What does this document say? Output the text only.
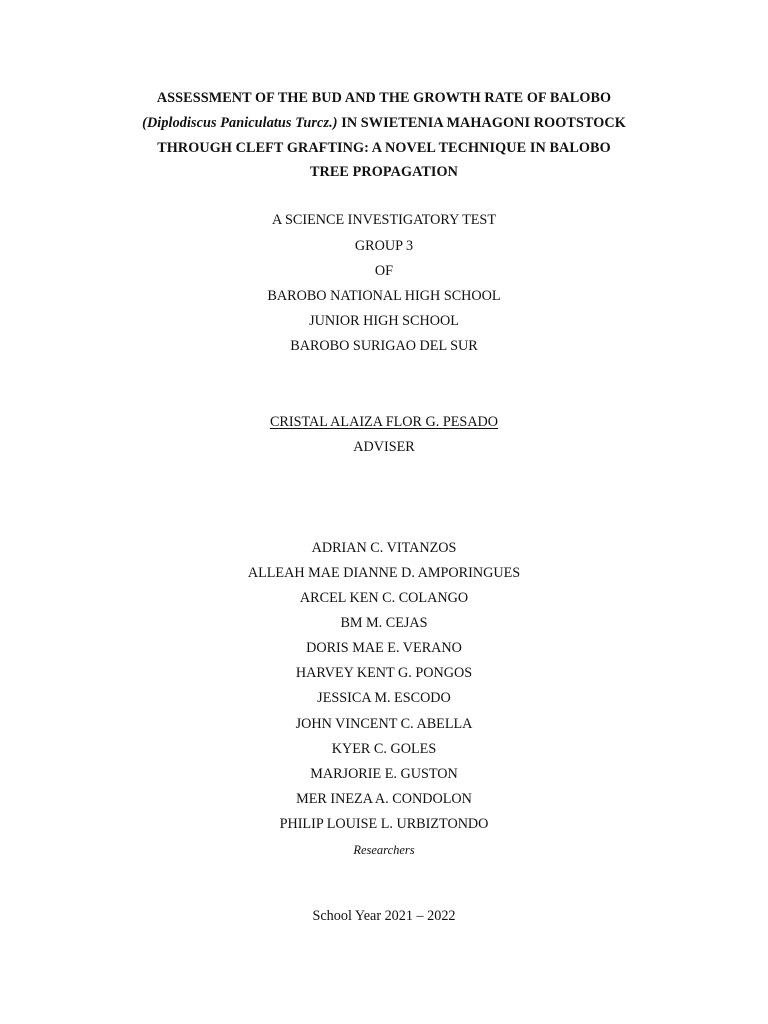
ASSESSMENT OF THE BUD AND THE GROWTH RATE OF BALOBO
(Diplodiscus Paniculatus Turcz.) IN SWIETENIA MAHAGONI ROOTSTOCK
THROUGH CLEFT GRAFTING: A NOVEL TECHNIQUE IN BALOBO
TREE PROPAGATION
A SCIENCE INVESTIGATORY TEST
GROUP 3
OF
BAROBO NATIONAL HIGH SCHOOL
JUNIOR HIGH SCHOOL
BAROBO SURIGAO DEL SUR
CRISTAL ALAIZA FLOR G. PESADO
ADVISER
ADRIAN C. VITANZOS
ALLEAH MAE DIANNE D. AMPORINGUES
ARCEL KEN C. COLANGO
BM M. CEJAS
DORIS MAE E. VERANO
HARVEY KENT G. PONGOS
JESSICA M. ESCODO
JOHN VINCENT C. ABELLA
KYER C. GOLES
MARJORIE E. GUSTON
MER INEZA A. CONDOLON
PHILIP LOUISE L. URBIZTONDO
Researchers
School Year 2021 – 2022
